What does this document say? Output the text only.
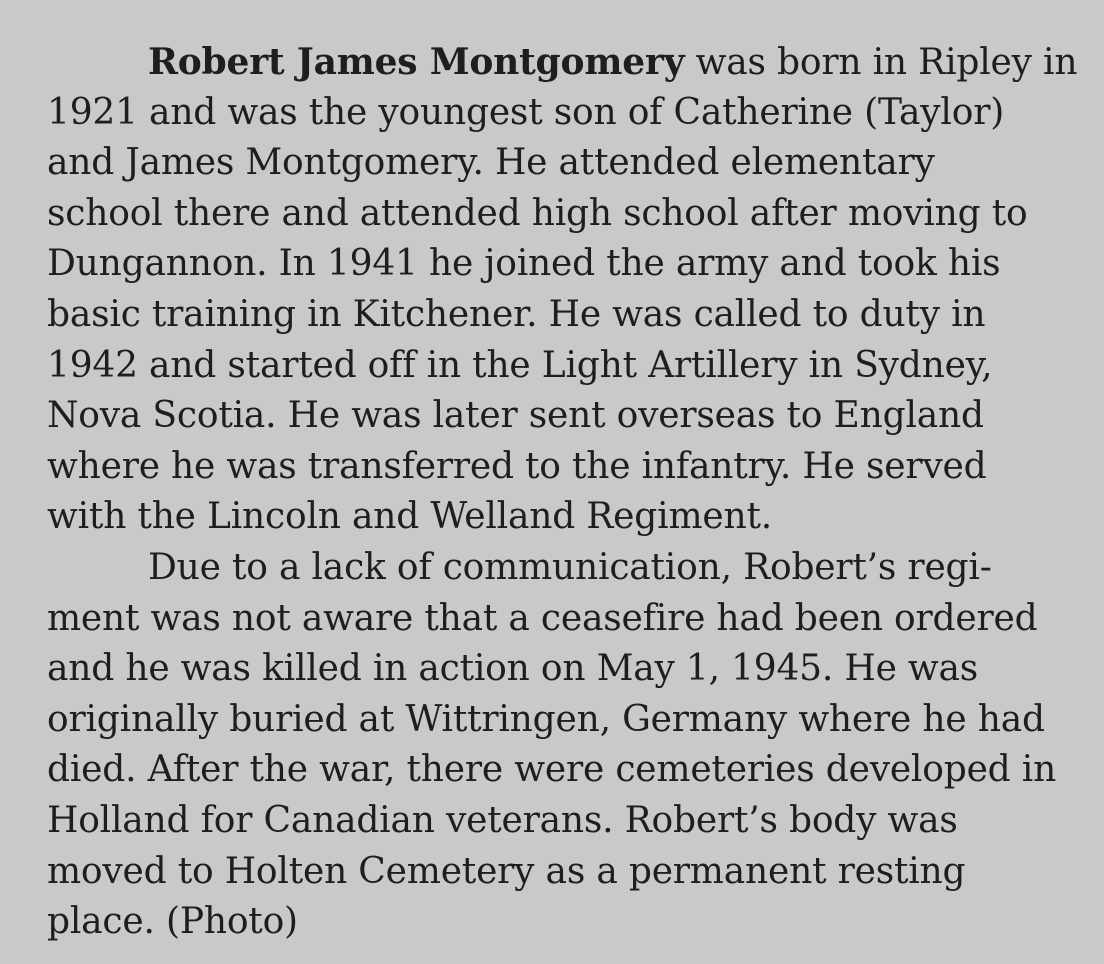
Robert James Montgomery was born in Ripley in
1921 and was the youngest son of Catherine (Taylor)
and James Montgomery. He attended elementary
school there and attended high school after moving to
Dungannon. In 1941 he joined the army and took his
basic training in Kitchener. He was called to duty in
1942 and started off in the Light Artillery in Sydney,
Nova Scotia. He was later sent overseas to England
where he was transferred to the infantry. He served
with the Lincoln and Welland Regiment.
Due to a lack of communication, Robert’s regi-
ment was not aware that a ceasefire had been ordered
and he was killed in action on May 1, 1945. He was
originally buried at Wittringen, Germany where he had
died. After the war, there were cemeteries developed in
Holland for Canadian veterans. Robert’s body was
moved to Holten Cemetery as a permanent resting
place. (Photo)
